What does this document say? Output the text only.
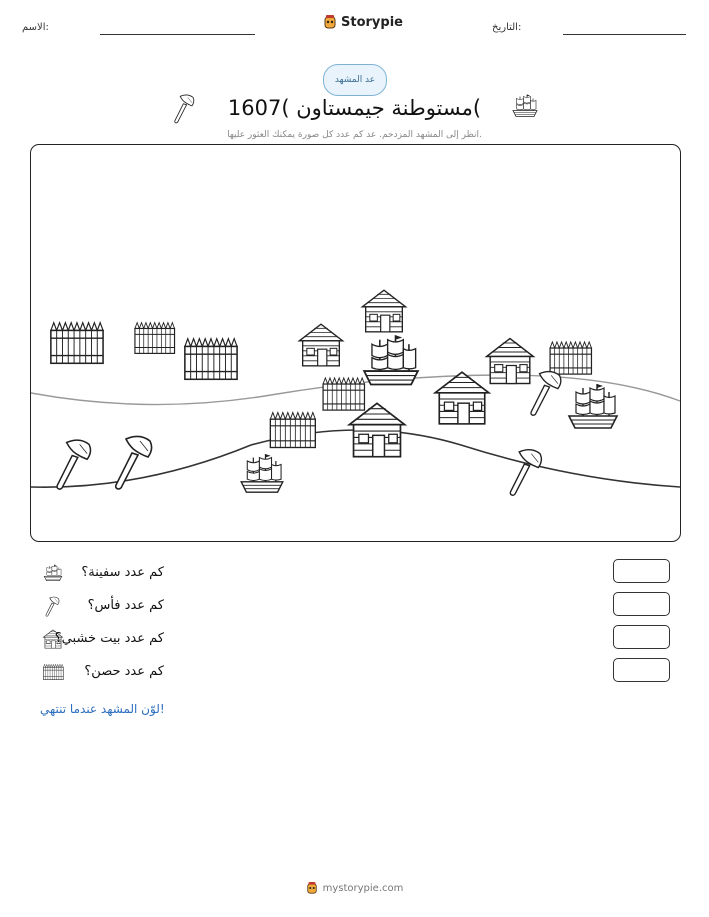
الاسم:	Storypie	التاريخ:
عد المشهد
مستوطنة جيمستاون )1607(
انظر إلى المشهد المزدحم. عد كم عدد كل صورة يمكنك العثور عليها.
كم عدد سفينة؟
كم عدد فأس؟
كم عدد بيت خشبي؟
كم عدد حصن؟
لوّن المشهد عندما تنتهي!
mystorypie.com
